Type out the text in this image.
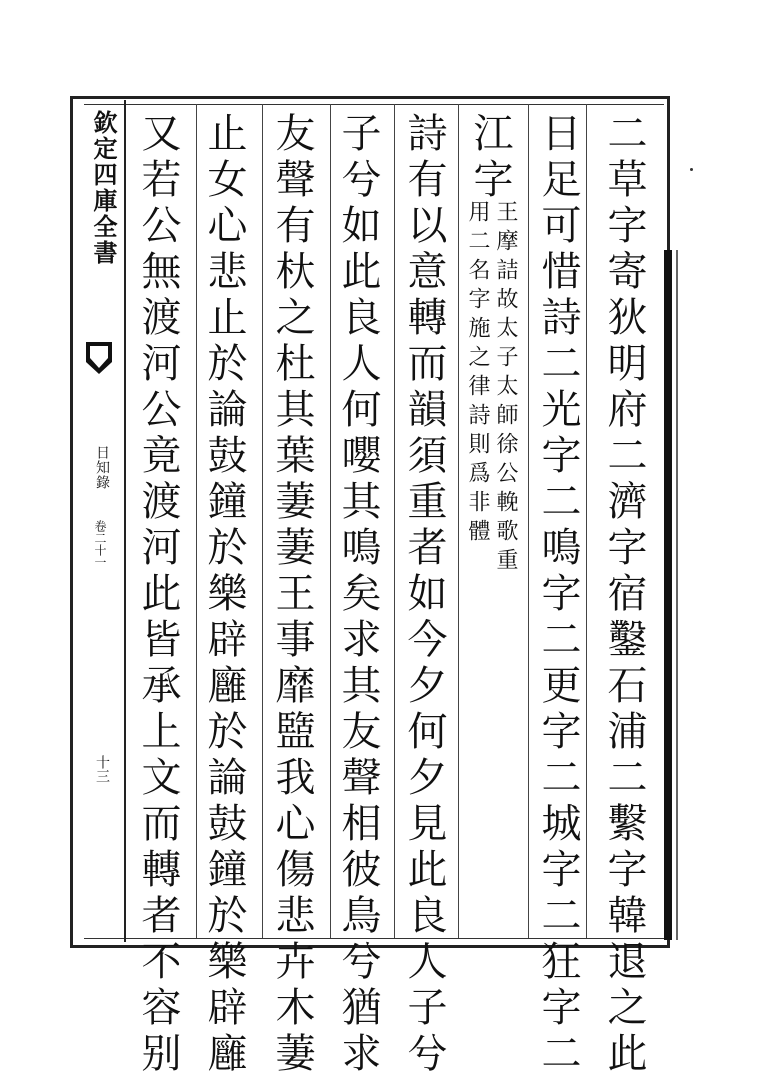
欽定四庫全書
日知錄
卷二十一
十三	二草字寄狄明府二濟字宿鑿石浦二繫字韓退之此
日足可惜詩二光字二鳴字二更字二城字二狂字二
江字
王摩詰故太子太師徐公輓歌重
用二名字施之律詩則爲非體
詩有以意轉而韻須重者如今夕何夕見此良人子兮
子兮如此良人何嚶其鳴矣求其友聲相彼鳥兮猶求
友聲有杕之杜其葉萋萋王事靡盬我心傷悲卉木萋
止女心悲止於論鼓鐘於樂辟廱於論鼓鐘於樂辟廱
又若公無渡河公竟渡河此皆承上文而轉者不容别
